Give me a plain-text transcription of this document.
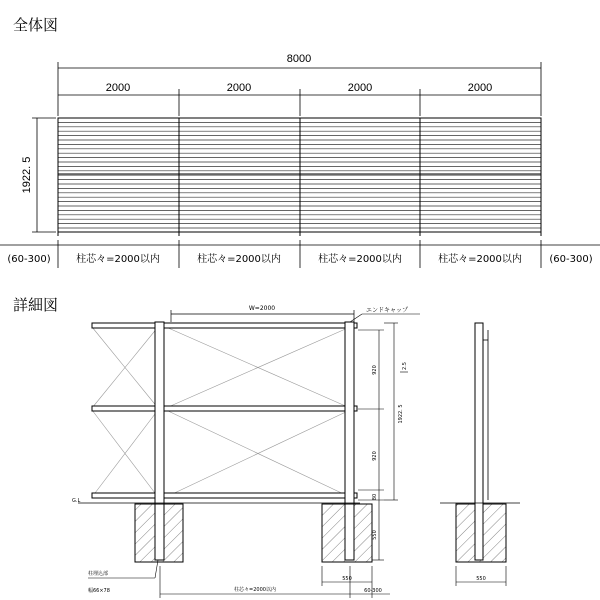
全体図
詳細図
8000
2000	2000	2000	2000
1922. 5
(60-300)	柱芯々=2000以内	柱芯々=2000以内	柱芯々=2000以内	柱芯々=2000以内	(60-300)
W=2000	エンドキャップ
920
920
1922. 5
2.5
80
550
G.L
柱埋込部
幅66×78	柱芯々=2000以内
550
60-300
550
